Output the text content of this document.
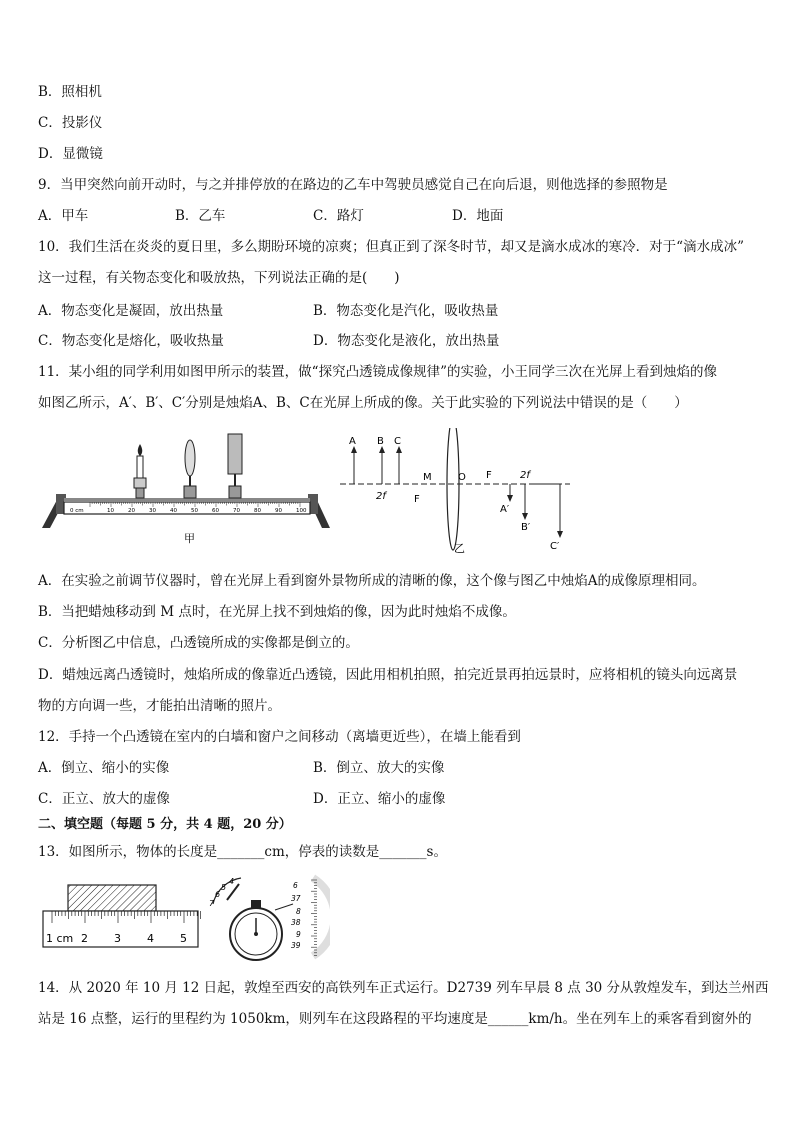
B．照相机
C．投影仪
D．显微镜
9．当甲突然向前开动时，与之并排停放的在路边的乙车中驾驶员感觉自己在向后退，则他选择的参照物是
A．甲车	B．乙车	C．路灯	D．地面
10．我们生活在炎炎的夏日里，多么期盼环境的凉爽；但真正到了深冬时节，却又是滴水成冰的寒冷．对于“滴水成冰”
这一过程，有关物态变化和吸放热，下列说法正确的是(　　)
A．物态变化是凝固，放出热量	B．物态变化是汽化，吸收热量
C．物态变化是熔化，吸收热量	D．物态变化是液化，放出热量
11．某小组的同学利用如图甲所示的装置，做“探究凸透镜成像规律”的实验，小王同学三次在光屏上看到烛焰的像
如图乙所示，A′、B′、C′分别是烛焰A、B、C在光屏上所成的像。关于此实验的下列说法中错误的是（　　）
0 cm	10	20	30	40	50	60	70	80	90	100
甲
A B C
2f	F
M	O F	2f
A′
B′
C′
乙
A．在实验之前调节仪器时，曾在光屏上看到窗外景物所成的清晰的像，这个像与图乙中烛焰A的成像原理相同。
B．当把蜡烛移动到 M 点时，在光屏上找不到烛焰的像，因为此时烛焰不成像。
C．分析图乙中信息，凸透镜所成的实像都是倒立的。
D．蜡烛远离凸透镜时，烛焰所成的像靠近凸透镜，因此用相机拍照，拍完近景再拍远景时，应将相机的镜头向远离景
物的方向调一些，才能拍出清晰的照片。
12．手持一个凸透镜在室内的白墙和窗户之间移动（离墙更近些），在墙上能看到
A．倒立、缩小的实像	B．倒立、放大的实像
C．正立、放大的虚像	D．正立、缩小的虚像
二、填空题（每题 5 分，共 4 题，20 分）
13．如图所示，物体的长度是_______cm，停表的读数是_______s。
1 cm 2 3 4 5
4
5
6
7
6
37
8
38
9
39
14．从 2020 年 10 月 12 日起，敦煌至西安的高铁列车正式运行。D2739 列车早晨 8 点 30 分从敦煌发车，到达兰州西
站是 16 点整，运行的里程约为 1050km，则列车在这段路程的平均速度是______km/h。坐在列车上的乘客看到窗外的
